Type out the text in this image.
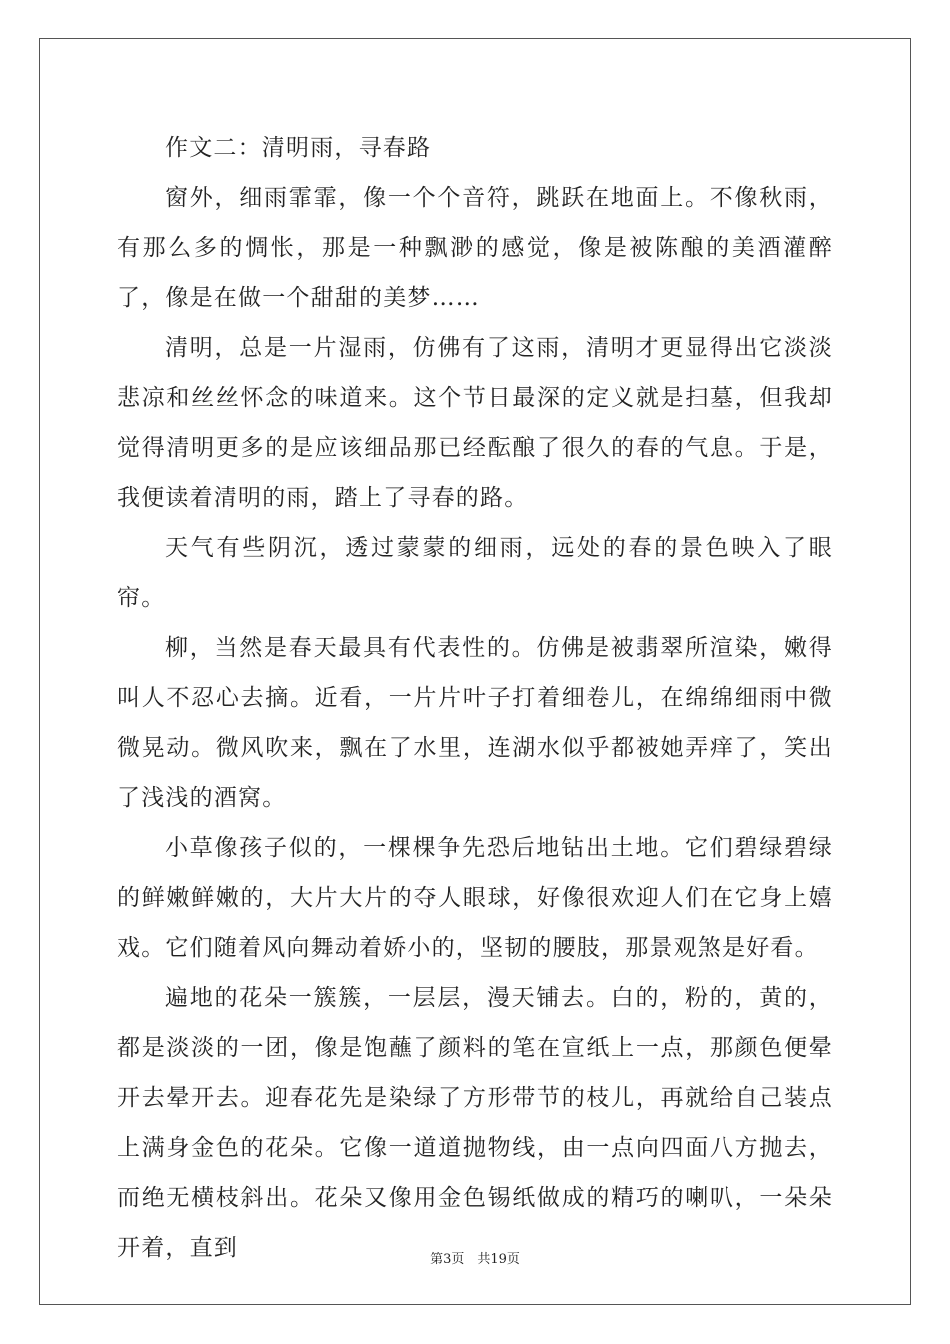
作文二：清明雨，寻春路

窗外，细雨霏霏，像一个个音符，跳跃在地面上。不像秋雨，有那么多的惆怅，那是一种飘渺的感觉，像是被陈酿的美酒灌醉了，像是在做一个甜甜的美梦……

清明，总是一片湿雨，仿佛有了这雨，清明才更显得出它淡淡悲凉和丝丝怀念的味道来。这个节日最深的定义就是扫墓，但我却觉得清明更多的是应该细品那已经酝酿了很久的春的气息。于是，我便读着清明的雨，踏上了寻春的路。

天气有些阴沉，透过蒙蒙的细雨，远处的春的景色映入了眼帘。

柳，当然是春天最具有代表性的。仿佛是被翡翠所渲染，嫩得叫人不忍心去摘。近看，一片片叶子打着细卷儿，在绵绵细雨中微微晃动。微风吹来，飘在了水里，连湖水似乎都被她弄痒了，笑出了浅浅的酒窝。

小草像孩子似的，一棵棵争先恐后地钻出土地。它们碧绿碧绿的鲜嫩鲜嫩的，大片大片的夺人眼球，好像很欢迎人们在它身上嬉戏。它们随着风向舞动着娇小的，坚韧的腰肢，那景观煞是好看。

遍地的花朵一簇簇，一层层，漫天铺去。白的，粉的，黄的，都是淡淡的一团，像是饱蘸了颜料的笔在宣纸上一点，那颜色便晕开去晕开去。迎春花先是染绿了方形带节的枝儿，再就给自己装点上满身金色的花朵。它像一道道抛物线，由一点向四面八方抛去，而绝无横枝斜出。花朵又像用金色锡纸做成的精巧的喇叭，一朵朵开着，直到	第3页　共19页
